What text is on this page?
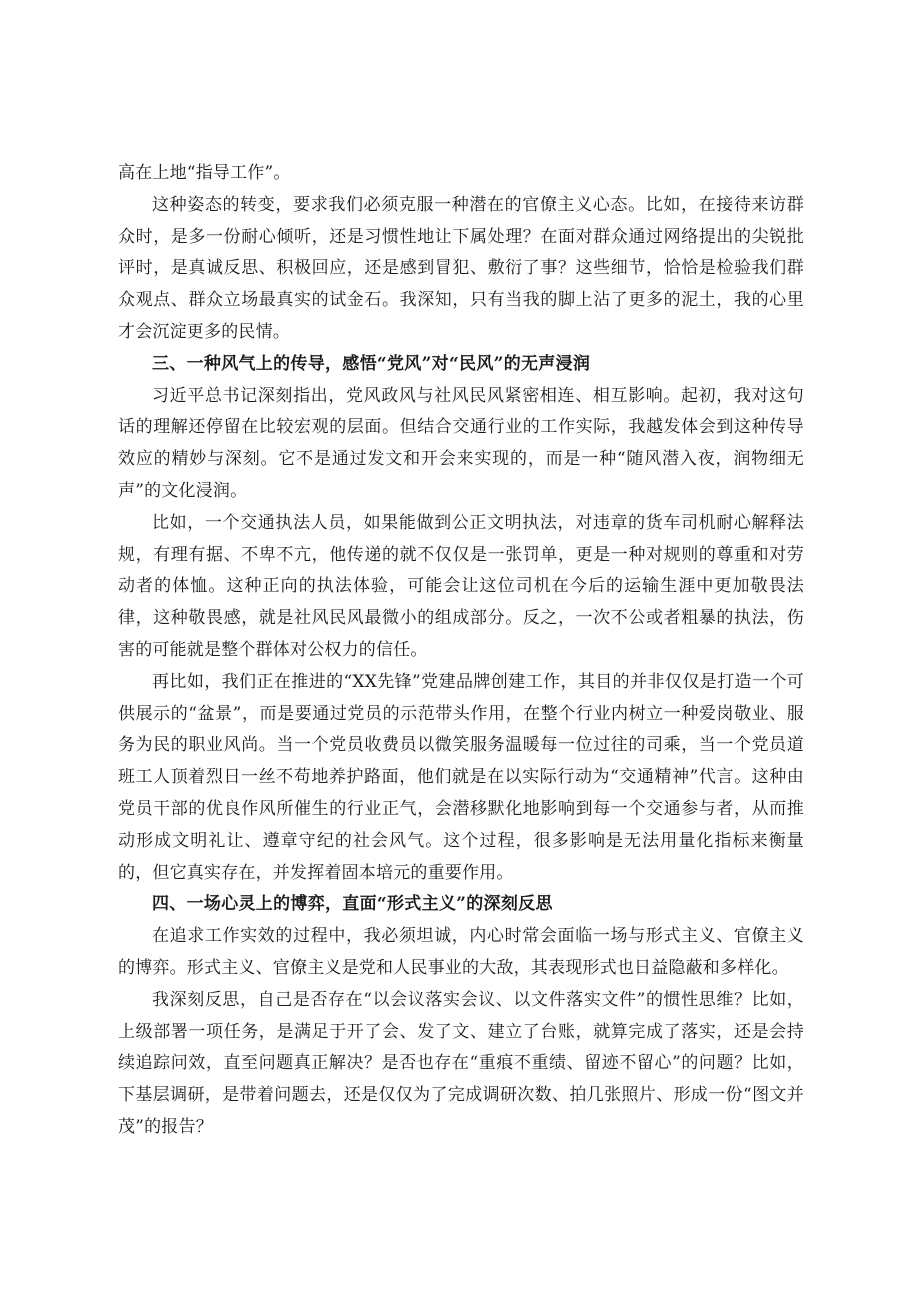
高在上地“指导工作”。

这种姿态的转变，要求我们必须克服一种潜在的官僚主义心态。比如，在接待来访群众时，是多一份耐心倾听，还是习惯性地让下属处理？在面对群众通过网络提出的尖锐批评时，是真诚反思、积极回应，还是感到冒犯、敷衍了事？这些细节，恰恰是检验我们群众观点、群众立场最真实的试金石。我深知，只有当我的脚上沾了更多的泥土，我的心里才会沉淀更多的民情。

三、一种风气上的传导，感悟“党风”对“民风”的无声浸润

习近平总书记深刻指出，党风政风与社风民风紧密相连、相互影响。起初，我对这句话的理解还停留在比较宏观的层面。但结合交通行业的工作实际，我越发体会到这种传导效应的精妙与深刻。它不是通过发文和开会来实现的，而是一种“随风潜入夜，润物细无声”的文化浸润。

比如，一个交通执法人员，如果能做到公正文明执法，对违章的货车司机耐心解释法规，有理有据、不卑不亢，他传递的就不仅仅是一张罚单，更是一种对规则的尊重和对劳动者的体恤。这种正向的执法体验，可能会让这位司机在今后的运输生涯中更加敬畏法律，这种敬畏感，就是社风民风最微小的组成部分。反之，一次不公或者粗暴的执法，伤害的可能就是整个群体对公权力的信任。

再比如，我们正在推进的“XX先锋”党建品牌创建工作，其目的并非仅仅是打造一个可供展示的“盆景”，而是要通过党员的示范带头作用，在整个行业内树立一种爱岗敬业、服务为民的职业风尚。当一个党员收费员以微笑服务温暖每一位过往的司乘，当一个党员道班工人顶着烈日一丝不苟地养护路面，他们就是在以实际行动为“交通精神”代言。这种由党员干部的优良作风所催生的行业正气，会潜移默化地影响到每一个交通参与者，从而推动形成文明礼让、遵章守纪的社会风气。这个过程，很多影响是无法用量化指标来衡量的，但它真实存在，并发挥着固本培元的重要作用。

四、一场心灵上的博弈，直面“形式主义”的深刻反思

在追求工作实效的过程中，我必须坦诚，内心时常会面临一场与形式主义、官僚主义的博弈。形式主义、官僚主义是党和人民事业的大敌，其表现形式也日益隐蔽和多样化。

我深刻反思，自己是否存在“以会议落实会议、以文件落实文件”的惯性思维？比如，上级部署一项任务，是满足于开了会、发了文、建立了台账，就算完成了落实，还是会持续追踪问效，直至问题真正解决？是否也存在“重痕不重绩、留迹不留心”的问题？比如，下基层调研，是带着问题去，还是仅仅为了完成调研次数、拍几张照片、形成一份“图文并茂”的报告？
